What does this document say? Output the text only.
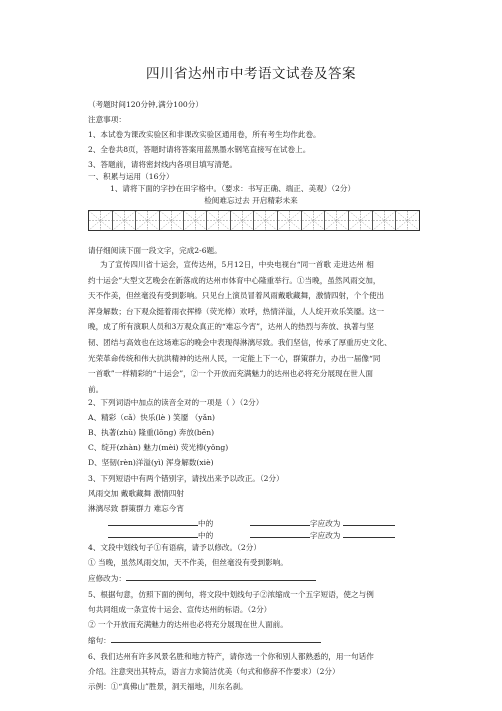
四川省达州市中考语文试卷及答案
（考题时间120分钟,满分100分）
注意事项：
1、本试卷为课改实验区和非课改实验区通用卷，所有考生均作此卷。
2、全卷共8页，答题时请将答案用蓝黑墨水钢笔直接写在试卷上。
3、答题前，请将密封线内各项目填写清楚。
一、积累与运用（16分）
1、请将下面的字抄在田字格中。（要求：书写正确、端正、美观）（2分）
检阅难忘过去 开启精彩未来
请仔细阅读下面一段文字，完成2-6题。
为了宣传四川省十运会，宣传达州，5月12日，中央电视台“同一首歌 走进达州 相
约十运会”大型文艺晚会在新落成的达州市体育中心隆重举行。①当晚，虽然风雨交加，
天不作美，但丝毫没有受到影响。只见台上演员冒着风雨戴歌藏舞，激情四射，个个使出
浑身解数；台下观众挺着雨衣挥棒（荧光棒）欢呼，热情洋溢，人人绽开欢乐笑靥。这一
晚，成了所有演职人员和3万观众真正的“难忘今宵”，达州人的热烈与奔放、执著与坚
韧、团结与高效也在这场难忘的晚会中表现得淋漓尽致。我们坚信，传承了厚重历史文化、
光荣革命传统和伟大抗洪精神的达州人民，一定能上下一心，群策群力，办出一届像“同
一首歌”一样精彩的“十运会”，②一个开放而充满魅力的达州也必将充分展现在世人面
前。
2、下列词语中加点的读音全对的一项是（ ）（2分）
A、精彩（cǎ）快乐(lè ) 笑靥 （yǎn)
B、执著(zhù) 隆重(lǒng) 奔放(bēn)
C、绽开(zhàn) 魅力(mèi) 荧光棒(yǒng)
D、坚韧(rèn)洋溢(yì) 浑身解数(xiè)
3、下列短语中有两个错别字，请找出来予以改正。（2分）
风雨交加 戴歌藏舞 激情四射
淋漓尽致 群策群力 难忘今宵
中的	字应改为
中的	字应改为
4、文段中划线句子①有语病，请予以修改。（2分）
① 当晚，虽然风雨交加，天不作美，但丝毫没有受到影响。
应修改为：
5、根据句意，仿照下面的例句，将文段中划线句子②浓缩成一个五字短语，使之与例
句共同组成一条宣传十运会、宣传达州的标语。（2分）
② 一个开放而充满魅力的达州也必将充分展现在世人面前。
缩句：
6、我们达州有许多风景名胜和地方特产，请你选一个你和别人都熟悉的，用一句话作
介绍。注意突出其特点，语言力求简洁优美（句式和修辞不作要求）（2分）
示例：①“真佛山”胜景，洞天福地，川东名刹。
